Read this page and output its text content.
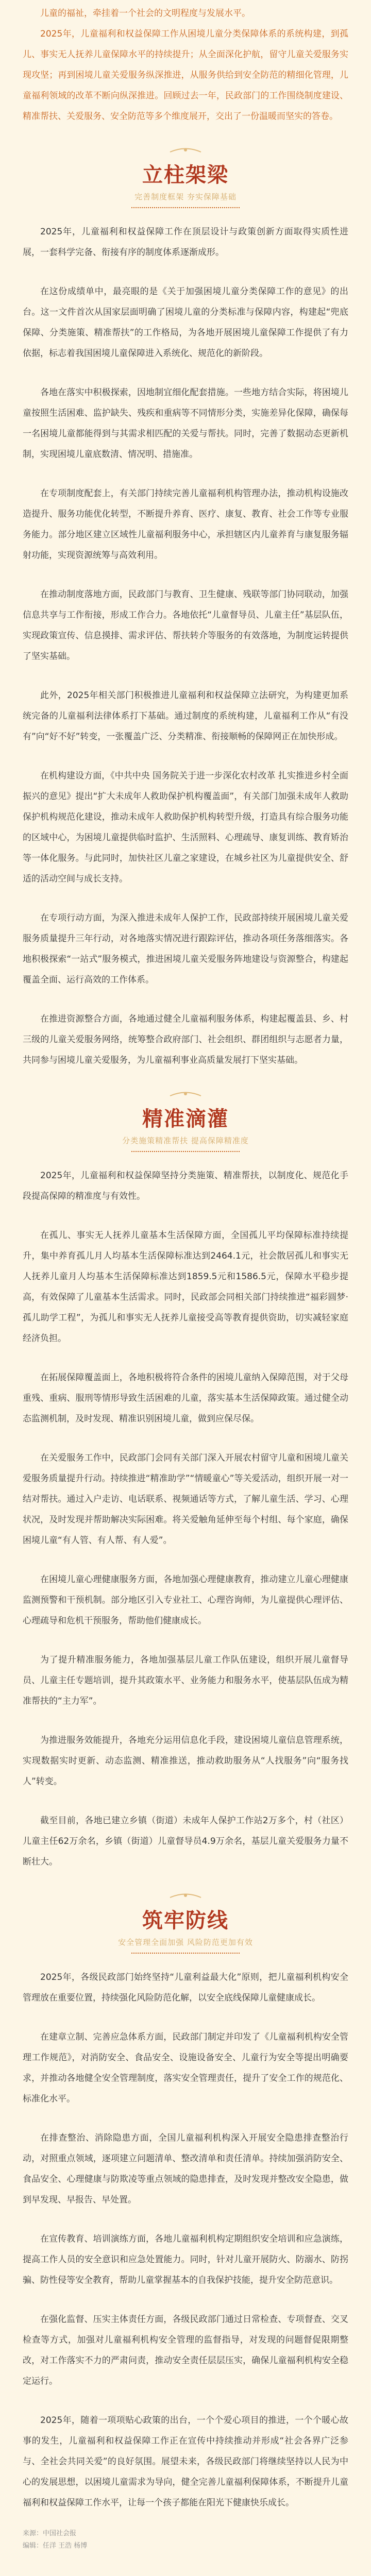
儿童的福祉，牵挂着一个社会的文明程度与发展水平。

2025年，儿童福利和权益保障工作从困境儿童分类保障体系的系统构建，到孤儿、事实无人抚养儿童保障水平的持续提升；从全面深化护航，留守儿童关爱服务实现攻坚；再到困境儿童关爱服务纵深推进，从服务供给到安全防范的精细化管理，儿童福利领域的改革不断向纵深推进。回顾过去一年，民政部门的工作围绕制度建设、精准帮扶、关爱服务、安全防范等多个维度展开，交出了一份温暖而坚实的答卷。

立柱架梁
完善制度框架 夯实保障基础

2025年，儿童福利和权益保障工作在顶层设计与政策创新方面取得实质性进展，一套科学完备、衔接有序的制度体系逐渐成形。

在这份成绩单中，最亮眼的是《关于加强困境儿童分类保障工作的意见》的出台。这一文件首次从国家层面明确了困境儿童的分类标准与保障内容，构建起“兜底保障、分类施策、精准帮扶”的工作格局，为各地开展困境儿童保障工作提供了有力依据，标志着我国困境儿童保障进入系统化、规范化的新阶段。

各地在落实中积极探索，因地制宜细化配套措施。一些地方结合实际，将困境儿童按照生活困难、监护缺失、残疾和重病等不同情形分类，实施差异化保障，确保每一名困境儿童都能得到与其需求相匹配的关爱与帮扶。同时，完善了数据动态更新机制，实现困境儿童底数清、情况明、措施准。

在专项制度配套上，有关部门持续完善儿童福利机构管理办法，推动机构设施改造提升、服务功能优化转型，不断提升养育、医疗、康复、教育、社会工作等专业服务能力。部分地区建立区域性儿童福利服务中心，承担辖区内儿童养育与康复服务辐射功能，实现资源统筹与高效利用。

在推动制度落地方面，民政部门与教育、卫生健康、残联等部门协同联动，加强信息共享与工作衔接，形成工作合力。各地依托“儿童督导员、儿童主任”基层队伍，实现政策宣传、信息摸排、需求评估、帮扶转介等服务的有效落地，为制度运转提供了坚实基础。

此外，2025年相关部门积极推进儿童福利和权益保障立法研究，为构建更加系统完备的儿童福利法律体系打下基础。通过制度的系统构建，儿童福利工作从“有没有”向“好不好”转变，一张覆盖广泛、分类精准、衔接顺畅的保障网正在加快形成。

在机构建设方面，《中共中央 国务院关于进一步深化农村改革 扎实推进乡村全面振兴的意见》提出“扩大未成年人救助保护机构覆盖面”，有关部门加强未成年人救助保护机构规范化建设，推动未成年人救助保护机构转型升级，打造具有综合服务功能的区域中心，为困境儿童提供临时监护、生活照料、心理疏导、康复训练、教育矫治等一体化服务。与此同时，加快社区儿童之家建设，在城乡社区为儿童提供安全、舒适的活动空间与成长支持。

在专项行动方面，为深入推进未成年人保护工作，民政部持续开展困境儿童关爱服务质量提升三年行动，对各地落实情况进行跟踪评估，推动各项任务落细落实。各地积极探索“一站式”服务模式，推进困境儿童关爱服务阵地建设与资源整合，构建起覆盖全面、运行高效的工作体系。

在推进资源整合方面，各地通过健全儿童福利服务体系，构建起覆盖县、乡、村三级的儿童关爱服务网络，统筹整合政府部门、社会组织、群团组织与志愿者力量，共同参与困境儿童关爱服务，为儿童福利事业高质量发展打下坚实基础。

精准滴灌
分类施策精准帮扶 提高保障精准度

2025年，儿童福利和权益保障坚持分类施策、精准帮扶，以制度化、规范化手段提高保障的精准度与有效性。

在孤儿、事实无人抚养儿童基本生活保障方面，全国孤儿平均保障标准持续提升，集中养育孤儿月人均基本生活保障标准达到2464.1元，社会散居孤儿和事实无人抚养儿童月人均基本生活保障标准达到1859.5元和1586.5元，保障水平稳步提高，有效保障了儿童基本生活需求。同时，民政部会同相关部门持续推进“福彩圆梦·孤儿助学工程”，为孤儿和事实无人抚养儿童接受高等教育提供资助，切实减轻家庭经济负担。

在拓展保障覆盖面上，各地积极将符合条件的困境儿童纳入保障范围，对于父母重残、重病、服刑等情形导致生活困难的儿童，落实基本生活保障政策。通过健全动态监测机制，及时发现、精准识别困境儿童，做到应保尽保。

在关爱服务工作中，民政部门会同有关部门深入开展农村留守儿童和困境儿童关爱服务质量提升行动。持续推进“精准助学”“情暖童心”等关爱活动，组织开展一对一结对帮扶。通过入户走访、电话联系、视频通话等方式，了解儿童生活、学习、心理状况，及时发现并帮助解决实际困难。将关爱触角延伸至每个村组、每个家庭，确保困境儿童“有人管、有人帮、有人爱”。

在困境儿童心理健康服务方面，各地加强心理健康教育，推动建立儿童心理健康监测预警和干预机制。部分地区引入专业社工、心理咨询师，为儿童提供心理评估、心理疏导和危机干预服务，帮助他们健康成长。

为了提升精准服务能力，各地加强基层儿童工作队伍建设，组织开展儿童督导员、儿童主任专题培训，提升其政策水平、业务能力和服务水平，使基层队伍成为精准帮扶的“主力军”。

为推进服务效能提升，各地充分运用信息化手段，建设困境儿童信息管理系统，实现数据实时更新、动态监测、精准推送，推动救助服务从“人找服务”向“服务找人”转变。

截至目前，各地已建立乡镇（街道）未成年人保护工作站2万多个，村（社区）儿童主任62万余名，乡镇（街道）儿童督导员4.9万余名，基层儿童关爱服务力量不断壮大。

筑牢防线
安全管理全面加强 风险防范更加有效

2025年，各级民政部门始终坚持“儿童利益最大化”原则，把儿童福利机构安全管理放在重要位置，持续强化风险防范化解，以安全底线保障儿童健康成长。

在建章立制、完善应急体系方面，民政部门制定并印发了《儿童福利机构安全管理工作规范》，对消防安全、食品安全、设施设备安全、儿童行为安全等提出明确要求，并推动各地健全安全管理制度，落实安全管理责任，提升了安全工作的规范化、标准化水平。

在排查整治、消除隐患方面，全国儿童福利机构深入开展安全隐患排查整治行动，对照重点领域，逐项建立问题清单、整改清单和责任清单。持续加强消防安全、食品安全、心理健康与防欺凌等重点领域的隐患排查，及时发现并整改安全隐患，做到早发现、早报告、早处置。

在宣传教育、培训演练方面，各地儿童福利机构定期组织安全培训和应急演练，提高工作人员的安全意识和应急处置能力。同时，针对儿童开展防火、防溺水、防拐骗、防性侵等安全教育，帮助儿童掌握基本的自我保护技能，提升安全防范意识。

在强化监督、压实主体责任方面，各级民政部门通过日常检查、专项督查、交叉检查等方式，加强对儿童福利机构安全管理的监督指导，对发现的问题督促限期整改，对工作落实不力的严肃问责，推动安全责任层层压实，确保儿童福利机构安全稳定运行。

2025年，随着一项项贴心政策的出台，一个个爱心项目的推进，一个个暖心故事的发生，儿童福利和权益保障工作正在宣传中持续推动并形成“社会各界广泛参与、全社会共同关爱”的良好氛围。展望未来，各级民政部门将继续坚持以人民为中心的发展思想，以困境儿童需求为导向，健全完善儿童福利保障体系，不断提升儿童福利和权益保障工作水平，让每一个孩子都能在阳光下健康快乐成长。

来源：中国社会报
编辑：任洋 王浩 杨博
